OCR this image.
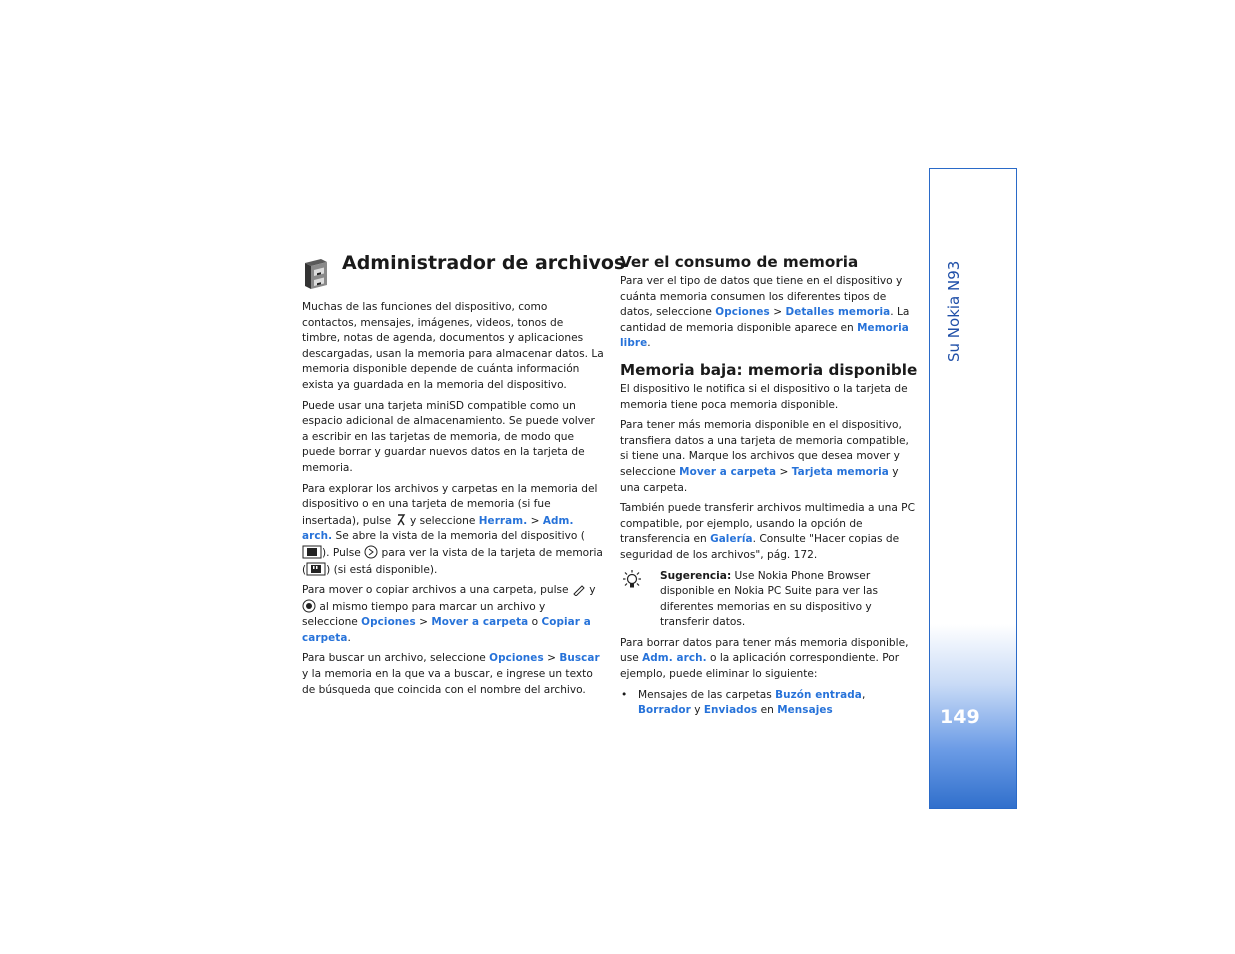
Su Nokia N93
149
Administrador de archivos

Muchas de las funciones del dispositivo, como contactos, mensajes, imágenes, videos, tonos de timbre, notas de agenda, documentos y aplicaciones descargadas, usan la memoria para almacenar datos. La memoria disponible depende de cuánta información exista ya guardada en la memoria del dispositivo.

Puede usar una tarjeta miniSD compatible como un espacio adicional de almacenamiento. Se puede volver a escribir en las tarjetas de memoria, de modo que puede borrar y guardar nuevos datos en la tarjeta de memoria.

Para explorar los archivos y carpetas en la memoria del dispositivo o en una tarjeta de memoria (si fue insertada), pulse  y seleccione Herram. > Adm. arch. Se abre la vista de la memoria del dispositivo (). Pulse  para ver la vista de la tarjeta de memoria ( ) (si está disponible).

Para mover o copiar archivos a una carpeta, pulse  y  al mismo tiempo para marcar un archivo y seleccione Opciones > Mover a carpeta o Copiar a carpeta.

Para buscar un archivo, seleccione Opciones > Buscar y la memoria en la que va a buscar, e ingrese un texto de búsqueda que coincida con el nombre del archivo.

Ver el consumo de memoria

Para ver el tipo de datos que tiene en el dispositivo y cuánta memoria consumen los diferentes tipos de datos, seleccione Opciones > Detalles memoria. La cantidad de memoria disponible aparece en Memoria libre.

Memoria baja: memoria disponible

El dispositivo le notifica si el dispositivo o la tarjeta de memoria tiene poca memoria disponible.

Para tener más memoria disponible en el dispositivo, transfiera datos a una tarjeta de memoria compatible, si tiene una. Marque los archivos que desea mover y seleccione Mover a carpeta > Tarjeta memoria y una carpeta.

También puede transferir archivos multimedia a una PC compatible, por ejemplo, usando la opción de transferencia en Galería. Consulte "Hacer copias de seguridad de los archivos", pág. 172.

Sugerencia: Use Nokia Phone Browser disponible en Nokia PC Suite para ver las diferentes memorias en su dispositivo y transferir datos.

Para borrar datos para tener más memoria disponible, use Adm. arch. o la aplicación correspondiente. Por ejemplo, puede eliminar lo siguiente:

• Mensajes de las carpetas Buzón entrada, Borrador y Enviados en Mensajes
